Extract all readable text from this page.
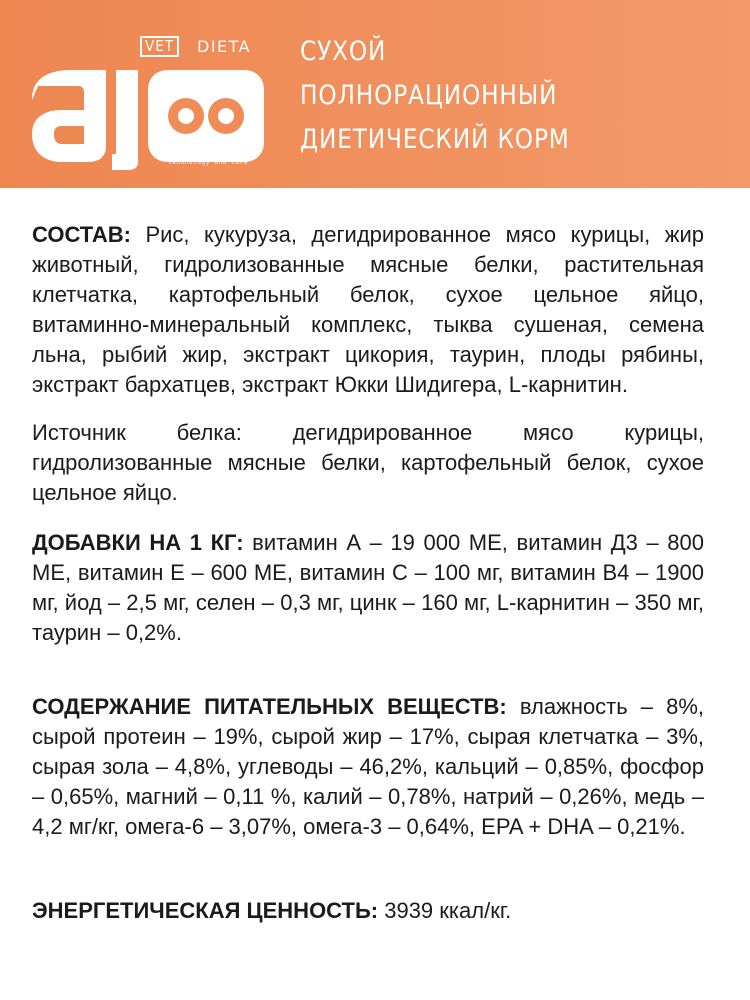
VET	DIETA
technology and care
СУХОЙ
ПОЛНОРАЦИОННЫЙ
ДИЕТИЧЕСКИЙ КОРМ

СОСТАВ: Рис, кукуруза, дегидрированное мясо курицы, жир животный, гидролизованные мясные белки, растительная клетчатка, картофельный белок, сухое цельное яйцо, витаминно-минеральный комплекс, тыква сушеная, семена льна, рыбий жир, экстракт цикория, таурин, плоды рябины, экстракт бархатцев, экстракт Юкки Шидигера, L-карнитин.

Источник белка: дегидрированное мясо курицы, гидролизованные мясные белки, картофельный белок, сухое цельное яйцо.

ДОБАВКИ НА 1 КГ: витамин А – 19 000 МЕ, витамин Д3 – 800 МЕ, витамин Е – 600 МЕ, витамин С – 100 мг, витамин В4 – 1900 мг, йод – 2,5 мг, селен – 0,3 мг, цинк – 160 мг, L-карнитин – 350 мг, таурин – 0,2%.

СОДЕРЖАНИЕ ПИТАТЕЛЬНЫХ ВЕЩЕСТВ: влажность – 8%, сырой протеин – 19%, сырой жир – 17%, сырая клетчатка – 3%, сырая зола – 4,8%, углеводы – 46,2%, кальций – 0,85%, фосфор – 0,65%, магний – 0,11 %, калий – 0,78%, натрий – 0,26%, медь – 4,2 мг/кг, омега-6 – 3,07%, омега-3 – 0,64%, EPA + DHA – 0,21%.

ЭНЕРГЕТИЧЕСКАЯ ЦЕННОСТЬ: 3939 ккал/кг.
